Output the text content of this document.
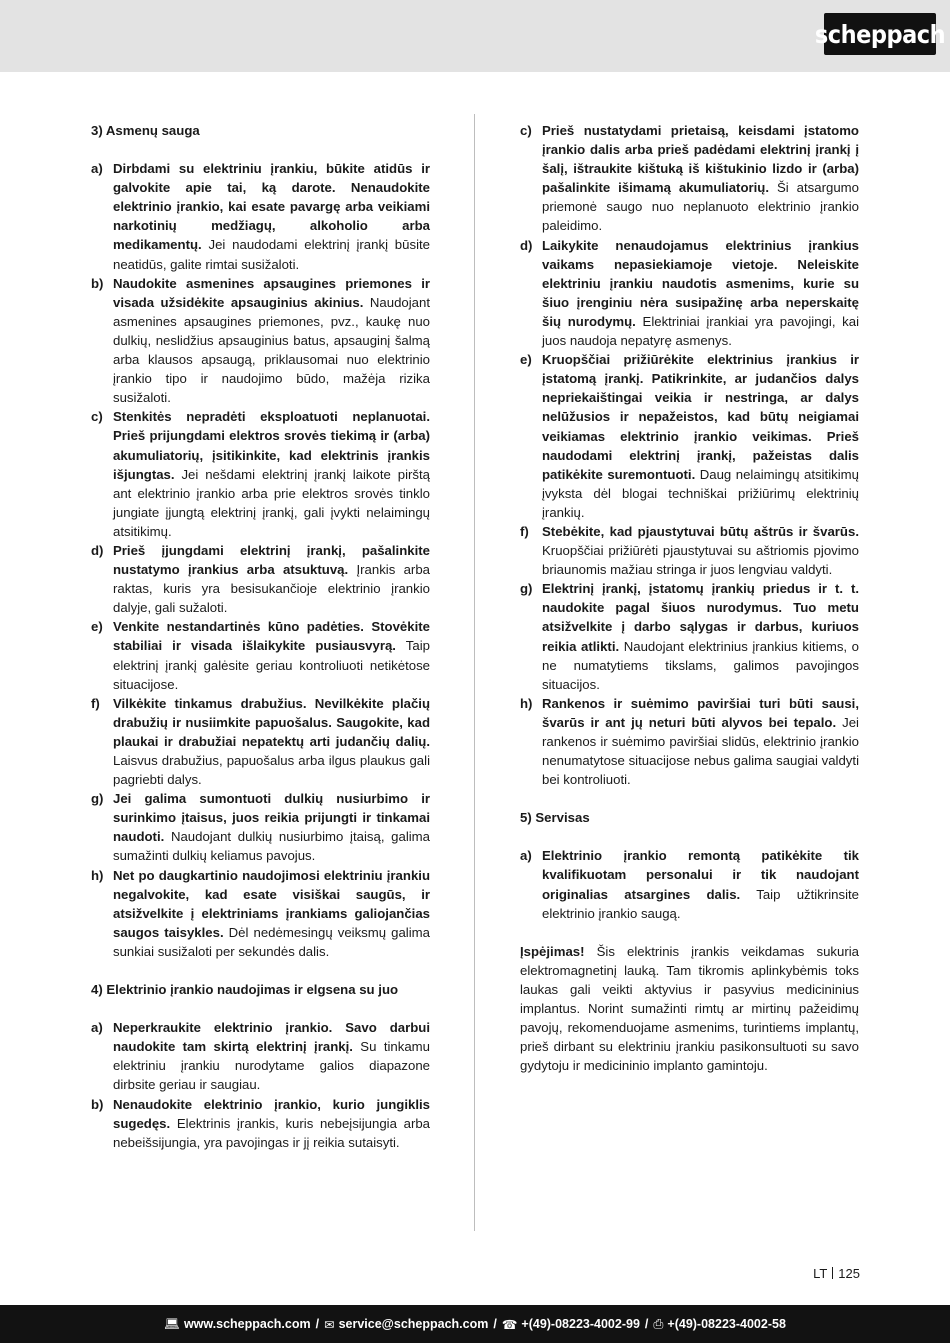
scheppach

3) Asmenų sauga

a) Dirbdami su elektriniu įrankiu, būkite atidūs ir galvokite apie tai, ką darote. Nenaudokite elektrinio įrankio, kai esate pavargę arba veikiami narkotinių medžiagų, alkoholio arba medikamentų. Jei naudodami elektrinį įrankį būsite neatidūs, galite rimtai susižaloti.
b) Naudokite asmenines apsaugines priemones ir visada užsidėkite apsauginius akinius. Naudojant asmenines apsaugines priemones, pvz., kaukę nuo dulkių, neslidžius apsauginius batus, apsauginį šalmą arba klausos apsaugą, priklausomai nuo elektrinio įrankio tipo ir naudojimo būdo, mažėja rizika susižaloti.
c) Stenkitės nepradėti eksploatuoti neplanuotai. Prieš prijungdami elektros srovės tiekimą ir (arba) akumuliatorių, įsitikinkite, kad elektrinis įrankis išjungtas. Jei nešdami elektrinį įrankį laikote pirštą ant elektrinio įrankio arba prie elektros srovės tinklo jungiate įjungtą elektrinį įrankį, gali įvykti nelaimingų atsitikimų.
d) Prieš įjungdami elektrinį įrankį, pašalinkite nustatymo įrankius arba atsuktuvą. Įrankis arba raktas, kuris yra besisukančioje elektrinio įrankio dalyje, gali sužaloti.
e) Venkite nestandartinės kūno padėties. Stovėkite stabiliai ir visada išlaikykite pusiausvyrą. Taip elektrinį įrankį galėsite geriau kontroliuoti netikėtose situacijose.
f)	Vilkėkite tinkamus drabužius. Nevilkėkite plačių drabužių ir nusiimkite papuošalus. Saugokite, kad plaukai ir drabužiai nepatektų arti judančių dalių. Laisvus drabužius, papuošalus arba ilgus plaukus gali pagriebti dalys.
g) Jei galima sumontuoti dulkių nusiurbimo ir surinkimo įtaisus, juos reikia prijungti ir tinkamai naudoti. Naudojant dulkių nusiurbimo įtaisą, galima sumažinti dulkių keliamus pavojus.
h) Net po daugkartinio naudojimosi elektriniu įrankiu negalvokite, kad esate visiškai saugūs, ir atsižvelkite į elektriniams įrankiams galiojančias saugos taisykles. Dėl nedėmesingų veiksmų galima sunkiai susižaloti per sekundės dalis.

4) Elektrinio įrankio naudojimas ir elgsena su juo

a) Neperkraukite elektrinio įrankio. Savo darbui naudokite tam skirtą elektrinį įrankį. Su tinkamu elektriniu įrankiu nurodytame galios diapazone dirbsite geriau ir saugiau.
b) Nenaudokite elektrinio įrankio, kurio jungiklis sugedęs. Elektrinis įrankis, kuris nebeįsijungia arba nebeišsijungia, yra pavojingas ir jį reikia sutaisyti.
c) Prieš nustatydami prietaisą, keisdami įstatomo įrankio dalis arba prieš padėdami elektrinį įrankį į šalį, ištraukite kištuką iš kištukinio lizdo ir (arba) pašalinkite išimamą akumuliatorių. Ši atsargumo priemonė saugo nuo neplanuoto elektrinio įrankio paleidimo.
d) Laikykite nenaudojamus elektrinius įrankius vaikams nepasiekiamoje vietoje. Neleiskite elektriniu įrankiu naudotis asmenims, kurie su šiuo įrenginiu nėra susipažinę arba neperskaitę šių nurodymų. Elektriniai įrankiai yra pavojingi, kai juos naudoja nepatyrę asmenys.
e) Kruopščiai prižiūrėkite elektrinius įrankius ir įstatomą įrankį. Patikrinkite, ar judančios dalys nepriekaištingai veikia ir nestringa, ar dalys nelūžusios ir nepažeistos, kad būtų neigiamai veikiamas elektrinio įrankio veikimas. Prieš naudodami elektrinį įrankį, pažeistas dalis patikėkite suremontuoti. Daug nelaimingų atsitikimų įvyksta dėl blogai techniškai prižiūrimų elektrinių įrankių.
f)	Stebėkite, kad pjaustytuvai būtų aštrūs ir švarūs. Kruopščiai prižiūrėti pjaustytuvai su aštriomis pjovimo briaunomis mažiau stringa ir juos lengviau valdyti.
g) Elektrinį įrankį, įstatomų įrankių priedus ir t. t. naudokite pagal šiuos nurodymus. Tuo metu atsižvelkite į darbo sąlygas ir darbus, kuriuos reikia atlikti. Naudojant elektrinius įrankius kitiems, o ne numatytiems tikslams, galimos pavojingos situacijos.
h) Rankenos ir suėmimo paviršiai turi būti sausi, švarūs ir ant jų neturi būti alyvos bei tepalo. Jei rankenos ir suėmimo paviršiai slidūs, elektrinio įrankio nenumatytose situacijose nebus galima saugiai valdyti bei kontroliuoti.

5) Servisas

a) Elektrinio įrankio remontą patikėkite tik kvalifikuotam personalui ir tik naudojant originalias atsargines dalis. Taip užtikrinsite elektrinio įrankio saugą.

Įspėjimas! Šis elektrinis įrankis veikdamas sukuria elektromagnetinį lauką. Tam tikromis aplinkybėmis toks laukas gali veikti aktyvius ir pasyvius medicininius implantus. Norint sumažinti rimtų ar mirtinų pažeidimų pavojų, rekomenduojame asmenims, turintiems implantų, prieš dirbant su elektriniu įrankiu pasikonsultuoti su savo gydytoju ir medicininio implanto gamintoju.

LT 125
💻︎ www.scheppach.com / ✉︎ service@scheppach.com / ☎︎ +(49)-08223-4002-99 / ⎙ +(49)-08223-4002-58
